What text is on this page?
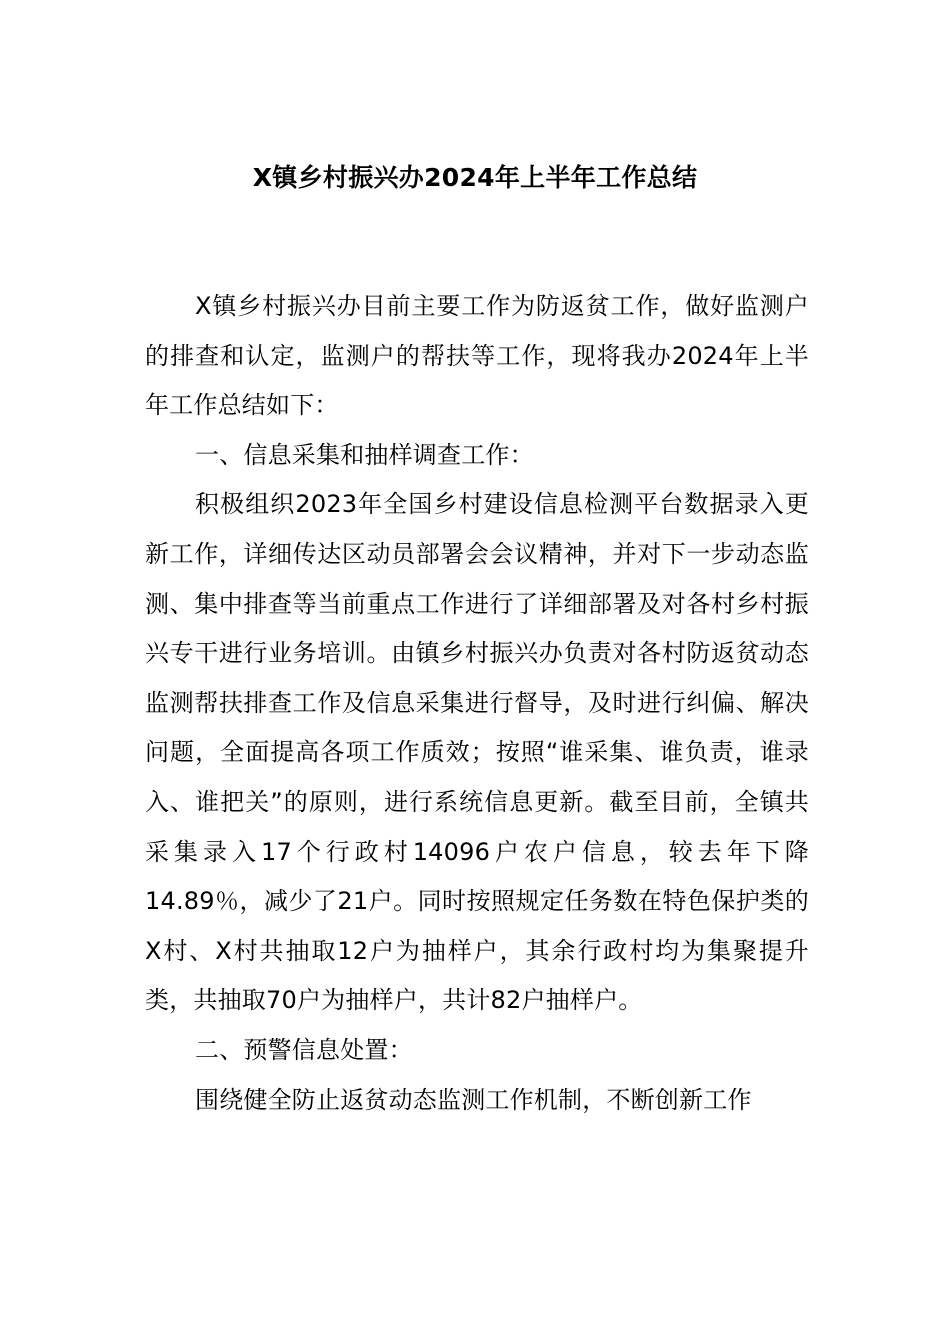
X镇乡村振兴办2024年上半年工作总结

X镇乡村振兴办目前主要工作为防返贫工作，做好监测户的排查和认定，监测户的帮扶等工作，现将我办2024年上半年工作总结如下：

一、信息采集和抽样调查工作：

积极组织2023年全国乡村建设信息检测平台数据录入更新工作，详细传达区动员部署会会议精神，并对下一步动态监测、集中排查等当前重点工作进行了详细部署及对各村乡村振兴专干进行业务培训。由镇乡村振兴办负责对各村防返贫动态监测帮扶排查工作及信息采集进行督导，及时进行纠偏、解决问题，全面提高各项工作质效；按照“谁采集、谁负责，谁录入、谁把关”的原则，进行系统信息更新。截至目前，全镇共采集录入17个行政村14096户农户信息，较去年下降14.89％，减少了21户。同时按照规定任务数在特色保护类的X村、X村共抽取12户为抽样户，其余行政村均为集聚提升类，共抽取70户为抽样户，共计82户抽样户。

二、预警信息处置：

围绕健全防止返贫动态监测工作机制，不断创新工作
